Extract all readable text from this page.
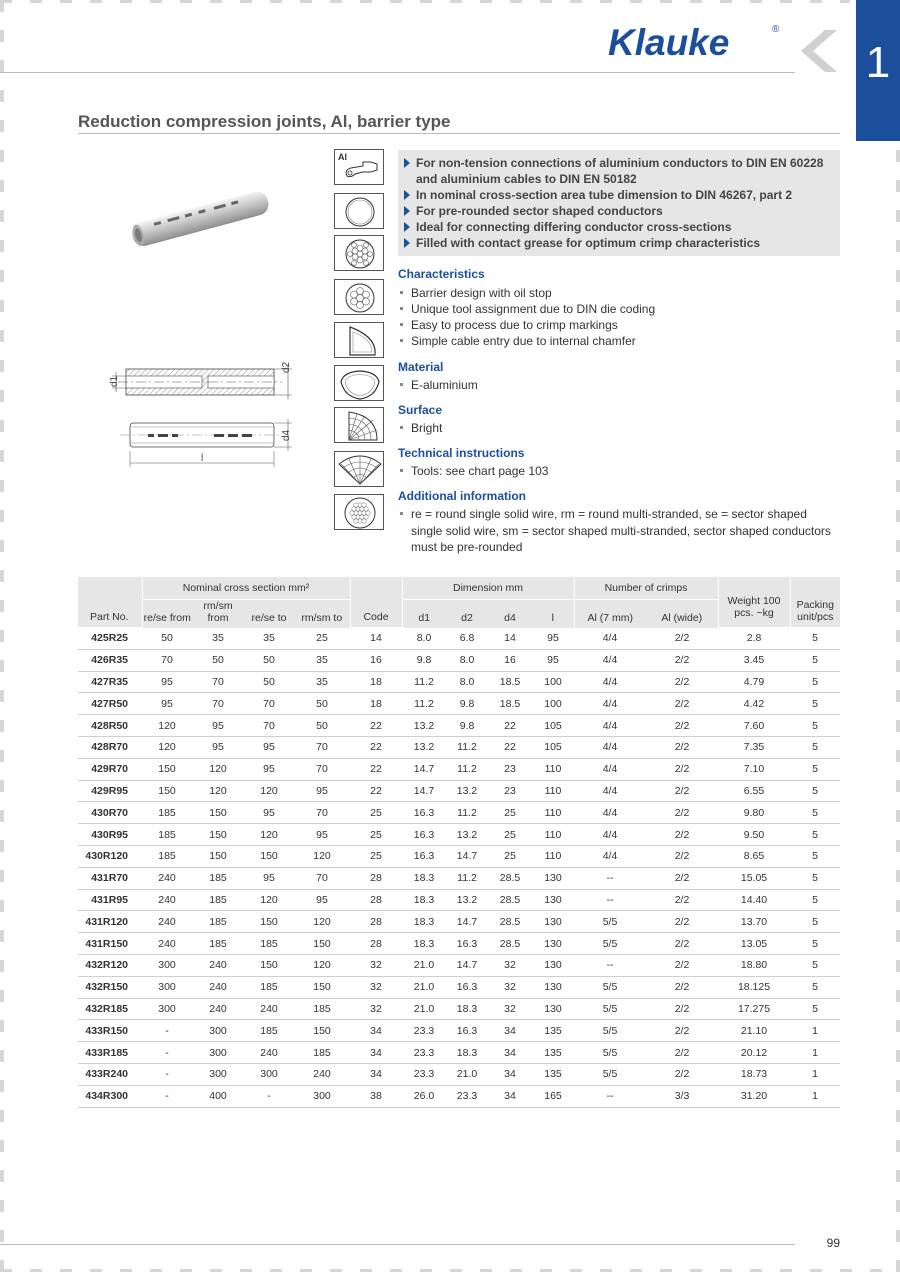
Klauke	®
1
Reduction compression joints, Al, barrier type
d1
d2
d4
l
Al	For non-tension connections of aluminium conductors to DIN EN 60228 and aluminium cables to DIN EN 50182
In nominal cross-section area tube dimension to DIN 46267, part 2
For pre-rounded sector shaped conductors
Ideal for connecting differing conductor cross-sections
Filled with contact grease for optimum crimp characteristics
Characteristics
Barrier design with oil stop
Unique tool assignment due to DIN die coding
Easy to process due to crimp markings
Simple cable entry due to internal chamfer
Material
E-aluminium
Surface
Bright
Technical instructions
Tools: see chart page 103
Additional information
re = round single solid wire, rm = round multi-stranded, se = sector shaped single solid wire, sm = sector shaped multi-stranded, sector shaped conductors must be pre-rounded
Part No.	Nominal cross section mm²				Code	Dimension mm				Number of crimps		Weight 100 pcs. ~kg	Packing unit/pcs
	re/se from	rm/sm from	re/se to	rm/sm to		d1	d2	d4	l	Al (7 mm)	Al (wide)		
425R25	50	35	35	25	14	8.0	6.8	14	95	4/4	2/2	2.8	5
426R35	70	50	50	35	16	9.8	8.0	16	95	4/4	2/2	3.45	5
427R35	95	70	50	35	18	11.2	8.0	18.5	100	4/4	2/2	4.79	5
427R50	95	70	70	50	18	11.2	9.8	18.5	100	4/4	2/2	4.42	5
428R50	120	95	70	50	22	13.2	9.8	22	105	4/4	2/2	7.60	5
428R70	120	95	95	70	22	13.2	11.2	22	105	4/4	2/2	7.35	5
429R70	150	120	95	70	22	14.7	11.2	23	110	4/4	2/2	7.10	5
429R95	150	120	120	95	22	14.7	13.2	23	110	4/4	2/2	6.55	5
430R70	185	150	95	70	25	16.3	11.2	25	110	4/4	2/2	9.80	5
430R95	185	150	120	95	25	16.3	13.2	25	110	4/4	2/2	9.50	5
430R120	185	150	150	120	25	16.3	14.7	25	110	4/4	2/2	8.65	5
431R70	240	185	95	70	28	18.3	11.2	28.5	130	--	2/2	15.05	5
431R95	240	185	120	95	28	18.3	13.2	28.5	130	--	2/2	14.40	5
431R120	240	185	150	120	28	18.3	14.7	28.5	130	5/5	2/2	13.70	5
431R150	240	185	185	150	28	18.3	16.3	28.5	130	5/5	2/2	13.05	5
432R120	300	240	150	120	32	21.0	14.7	32	130	--	2/2	18.80	5
432R150	300	240	185	150	32	21.0	16.3	32	130	5/5	2/2	18.125	5
432R185	300	240	240	185	32	21.0	18.3	32	130	5/5	2/2	17.275	5
433R150	-	300	185	150	34	23.3	16.3	34	135	5/5	2/2	21.10	1
433R185	-	300	240	185	34	23.3	18.3	34	135	5/5	2/2	20.12	1
433R240	-	300	300	240	34	23.3	21.0	34	135	5/5	2/2	18.73	1
434R300	-	400	-	300	38	26.0	23.3	34	165	--	3/3	31.20	1
99
